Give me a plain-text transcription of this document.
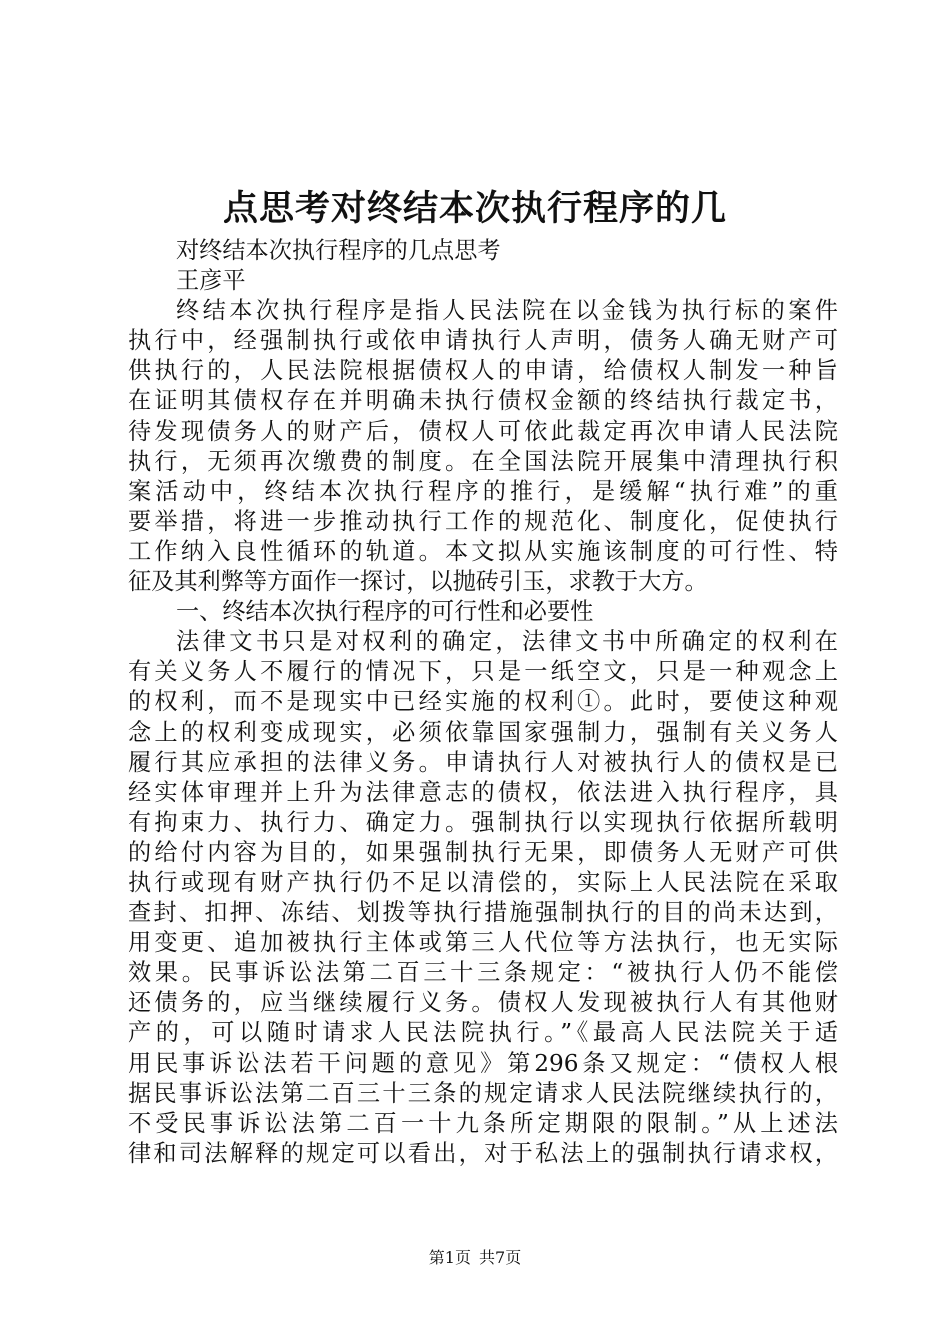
点思考对终结本次执行程序的几

对终结本次执行程序的几点思考

王彦平

终结本次执行程序是指人民法院在以金钱为执行标的案件

执行中，经强制执行或依申请执行人声明，债务人确无财产可

供执行的，人民法院根据债权人的申请，给债权人制发一种旨

在证明其债权存在并明确未执行债权金额的终结执行裁定书，

待发现债务人的财产后，债权人可依此裁定再次申请人民法院

执行，无须再次缴费的制度。在全国法院开展集中清理执行积

案活动中，终结本次执行程序的推行，是缓解“执行难”的重

要举措，将进一步推动执行工作的规范化、制度化，促使执行

工作纳入良性循环的轨道。本文拟从实施该制度的可行性、特

征及其利弊等方面作一探讨，以抛砖引玉，求教于大方。

一、终结本次执行程序的可行性和必要性

法律文书只是对权利的确定，法律文书中所确定的权利在

有关义务人不履行的情况下，只是一纸空文，只是一种观念上

的权利，而不是现实中已经实施的权利①。此时，要使这种观

念上的权利变成现实，必须依靠国家强制力，强制有关义务人

履行其应承担的法律义务。申请执行人对被执行人的债权是已

经实体审理并上升为法律意志的债权，依法进入执行程序，具

有拘束力、执行力、确定力。强制执行以实现执行依据所载明

的给付内容为目的，如果强制执行无果，即债务人无财产可供

执行或现有财产执行仍不足以清偿的，实际上人民法院在采取

查封、扣押、冻结、划拨等执行措施强制执行的目的尚未达到，

用变更、追加被执行主体或第三人代位等方法执行，也无实际

效果。民事诉讼法第二百三十三条规定：“被执行人仍不能偿

还债务的，应当继续履行义务。债权人发现被执行人有其他财

产的，可以随时请求人民法院执行。”《最高人民法院关于适

用民事诉讼法若干问题的意见》第296条又规定：“债权人根

据民事诉讼法第二百三十三条的规定请求人民法院继续执行的，

不受民事诉讼法第二百一十九条所定期限的限制。”从上述法

律和司法解释的规定可以看出，对于私法上的强制执行请求权，

第1页 共7页
